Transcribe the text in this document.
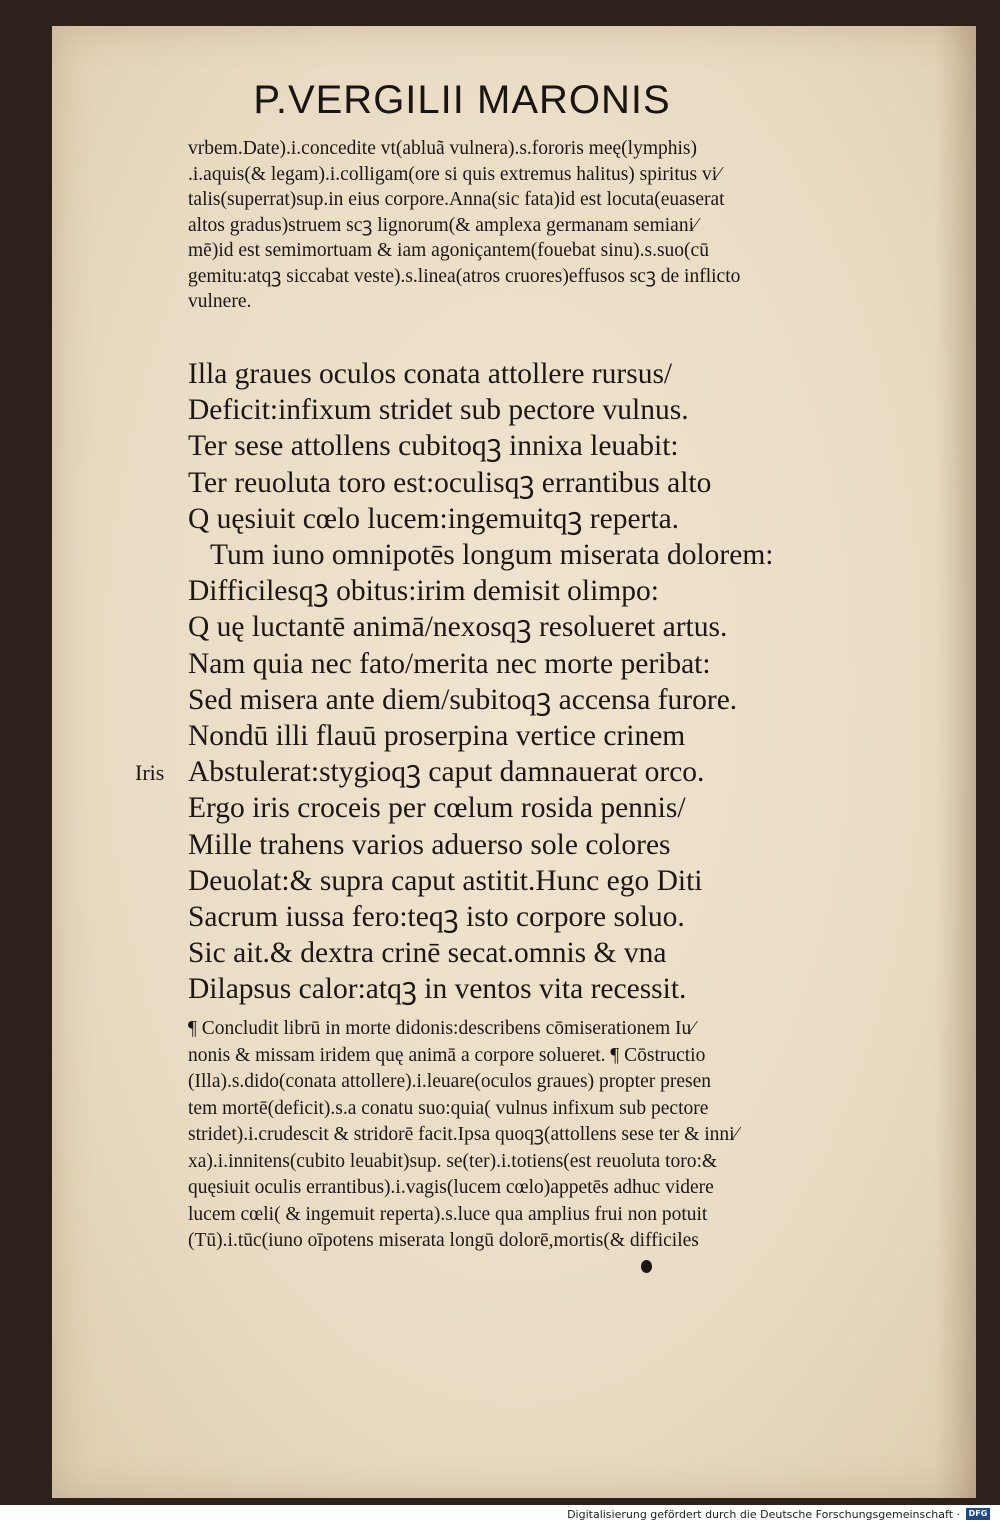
P.VERGILII MARONIS
vrbem.Date).i.concedite vt(abluã vulnera).s.fororis meę(lymphis)
.i.aquis(& legam).i.colligam(ore si quis extremus halitus) spiritus vi⁄
talis(superrat)sup.in eius corpore.Anna(sic fata)id est locuta(euaserat
altos gradus)struem scꝫ lignorum(& amplexa germanam semiani⁄
mē)id est semimortuam & iam agoniçantem(fouebat sinu).s.suo(cū
gemitu:atqꝫ siccabat veste).s.linea(atros cruores)effusos scꝫ de inflicto
vulnere.
Illa graues oculos conata attollere rursus/
Deficit:infixum stridet sub pectore vulnus.
Ter sese attollens cubitoqꝫ innixa leuabit:
Ter reuoluta toro est:oculisqꝫ errantibus alto
Q uęsiuit cœlo lucem:ingemuitqꝫ reperta.
Tum iuno omnipotēs longum miserata dolorem:
Difficilesqꝫ obitus:irim demisit olimpo:
Q uę luctantē animā/nexosqꝫ resolueret artus.
Nam quia nec fato/merita nec morte peribat:
Sed misera ante diem/subitoqꝫ accensa furore.
Nondū illi flauū proserpina vertice crinem
Abstulerat:stygioqꝫ caput damnauerat orco.
Ergo iris croceis per cœlum rosida pennis/
Mille trahens varios aduerso sole colores
Deuolat:& supra caput astitit.Hunc ego Diti
Sacrum iussa fero:teqꝫ isto corpore soluo.
Sic ait.& dextra crinē secat.omnis & vna
Dilapsus calor:atqꝫ in ventos vita recessit.
Iris
¶ Concludit librū in morte didonis:describens cōmiserationem Iu⁄
nonis & missam iridem quę animā a corpore solueret. ¶ Cōstructio
(Illa).s.dido(conata attollere).i.leuare(oculos graues) propter presen
tem mortē(deficit).s.a conatu suo:quia( vulnus infixum sub pectore
stridet).i.crudescit & stridorē facit.Ipsa quoqꝫ(attollens sese ter & inni⁄
xa).i.innitens(cubito leuabit)sup. se(ter).i.totiens(est reuoluta toro:&
quęsiuit oculis errantibus).i.vagis(lucem cœlo)appetēs adhuc videre
lucem cœli( & ingemuit reperta).s.luce qua amplius frui non potuit
(Tū).i.tūc(iuno oīpotens miserata longū dolorē,mortis(& difficiles
Digitalisierung gefördert durch die Deutsche Forschungsgemeinschaft ·	DFG
